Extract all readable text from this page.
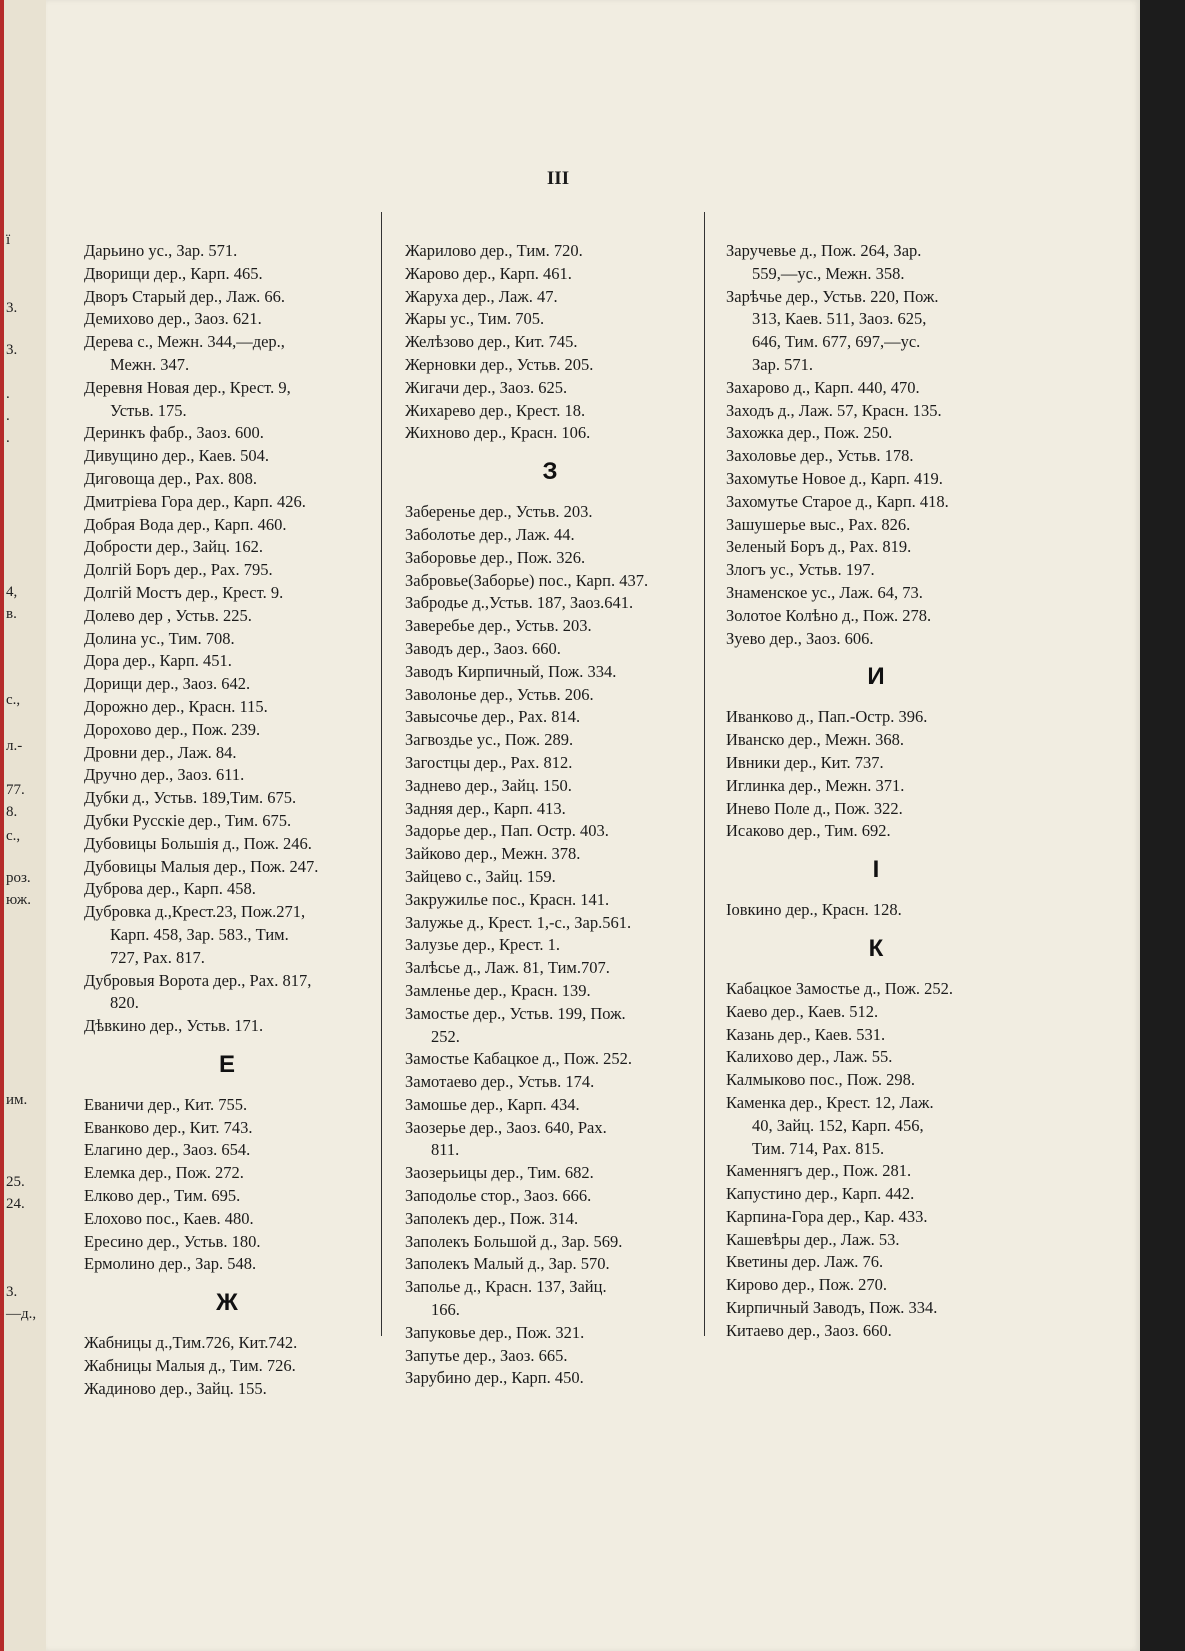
ї
3.
3.
.
.
.
4,
в.
с.,
л.-
77.
8.
с.,
роз.
юж.
им.
25.
24.
3.
—д.,
III
Дарьино ус., Зар. 571.
Дворищи дер., Карп. 465.
Дворъ Старый дер., Лаж. 66.
Демихово дер., Заоз. 621.
Дерева с., Межн. 344,—дер.,
Межн. 347.
Деревня Новая дер., Крест. 9,
Устьв. 175.
Деринкъ фабр., Заоз. 600.
Дивущино дер., Каев. 504.
Диговоща дер., Рах. 808.
Дмитріева Гора дер., Карп. 426.
Добрая Вода дер., Карп. 460.
Добрости дер., Зайц. 162.
Долгій Боръ дер., Рах. 795.
Долгій Мостъ дер., Крест. 9.
Долево дер , Устьв. 225.
Долина ус., Тим. 708.
Дора дер., Карп. 451.
Дорищи дер., Заоз. 642.
Дорожно дер., Красн. 115.
Дорохово дер., Пож. 239.
Дровни дер., Лаж. 84.
Дручно дер., Заоз. 611.
Дубки д., Устьв. 189,Тим. 675.
Дубки Русскіе дер., Тим. 675.
Дубовицы Большія д., Пож. 246.
Дубовицы Малыя дер., Пож. 247.
Дуброва дер., Карп. 458.
Дубровка д.,Крест.23, Пож.271,
Карп. 458, Зар. 583., Тим.
727, Рах. 817.
Дубровыя Ворота дер., Рах. 817,
820.
Дѣвкино дер., Устьв. 171.
Е
Еваничи дер., Кит. 755.
Еванково дер., Кит. 743.
Елагино дер., Заоз. 654.
Елемка дер., Пож. 272.
Елково дер., Тим. 695.
Елохово пос., Каев. 480.
Ересино дер., Устьв. 180.
Ермолино дер., Зар. 548.
Ж
Жабницы д.,Тим.726, Кит.742.
Жабницы Малыя д., Тим. 726.
Жадиново дер., Зайц. 155.
Жарилово дер., Тим. 720.
Жарово дер., Карп. 461.
Жаруха дер., Лаж. 47.
Жары ус., Тим. 705.
Желѣзово дер., Кит. 745.
Жерновки дер., Устьв. 205.
Жигачи дер., Заоз. 625.
Жихарево дер., Крест. 18.
Жихново дер., Красн. 106.
З
Заберенье дер., Устьв. 203.
Заболотье дер., Лаж. 44.
Заборовье дер., Пож. 326.
Забровье(Заборье) пос., Карп. 437.
Забродье д.,Устьв. 187, Заоз.641.
Заверебье дер., Устьв. 203.
Заводъ дер., Заоз. 660.
Заводъ Кирпичный, Пож. 334.
Заволонье дер., Устьв. 206.
Завысочье дер., Рах. 814.
Загвоздье ус., Пож. 289.
Загостцы дер., Рах. 812.
Заднево дер., Зайц. 150.
Задняя дер., Карп. 413.
Задорье дер., Пап. Остр. 403.
Зайково дер., Межн. 378.
Зайцево с., Зайц. 159.
Закружилье пос., Красн. 141.
Залужье д., Крест. 1,-с., Зар.561.
Залузье дер., Крест. 1.
Залѣсье д., Лаж. 81, Тим.707.
Замленье дер., Красн. 139.
Замостье дер., Устьв. 199, Пож.
252.
Замостье Кабацкое д., Пож. 252.
Замотаево дер., Устьв. 174.
Замошье дер., Карп. 434.
Заозерье дер., Заоз. 640, Рах.
811.
Заозерьицы дер., Тим. 682.
Заподолье стор., Заоз. 666.
Заполекъ дер., Пож. 314.
Заполекъ Большой д., Зар. 569.
Заполекъ Малый д., Зар. 570.
Заполье д., Красн. 137, Зайц.
166.
Запуковье дер., Пож. 321.
Запутье дер., Заоз. 665.
Зарубино дер., Карп. 450.
Заручевье д., Пож. 264, Зар.
559,—ус., Межн. 358.
Зарѣчье дер., Устьв. 220, Пож.
313, Каев. 511, Заоз. 625,
646, Тим. 677, 697,—ус.
Зар. 571.
Захарово д., Карп. 440, 470.
Заходъ д., Лаж. 57, Красн. 135.
Захожка дер., Пож. 250.
Захоловье дер., Устьв. 178.
Захомутье Новое д., Карп. 419.
Захомутье Старое д., Карп. 418.
Зашушерье выс., Рах. 826.
Зеленый Боръ д., Рах. 819.
Злогъ ус., Устьв. 197.
Знаменское ус., Лаж. 64, 73.
Золотое Колѣно д., Пож. 278.
Зуево дер., Заоз. 606.
И
Иванково д., Пап.-Остр. 396.
Иванско дер., Межн. 368.
Ивники дер., Кит. 737.
Иглинка дер., Межн. 371.
Инево Поле д., Пож. 322.
Исаково дер., Тим. 692.
І
Іовкино дер., Красн. 128.
К
Кабацкое Замостье д., Пож. 252.
Каево дер., Каев. 512.
Казань дер., Каев. 531.
Калихово дер., Лаж. 55.
Калмыково пос., Пож. 298.
Каменка дер., Крест. 12, Лаж.
40, Зайц. 152, Карп. 456,
Тим. 714, Рах. 815.
Каменнягъ дер., Пож. 281.
Капустино дер., Карп. 442.
Карпина-Гора дер., Кар. 433.
Кашевѣры дер., Лаж. 53.
Кветины дер. Лаж. 76.
Кирово дер., Пож. 270.
Кирпичный Заводъ, Пож. 334.
Китаево дер., Заоз. 660.
